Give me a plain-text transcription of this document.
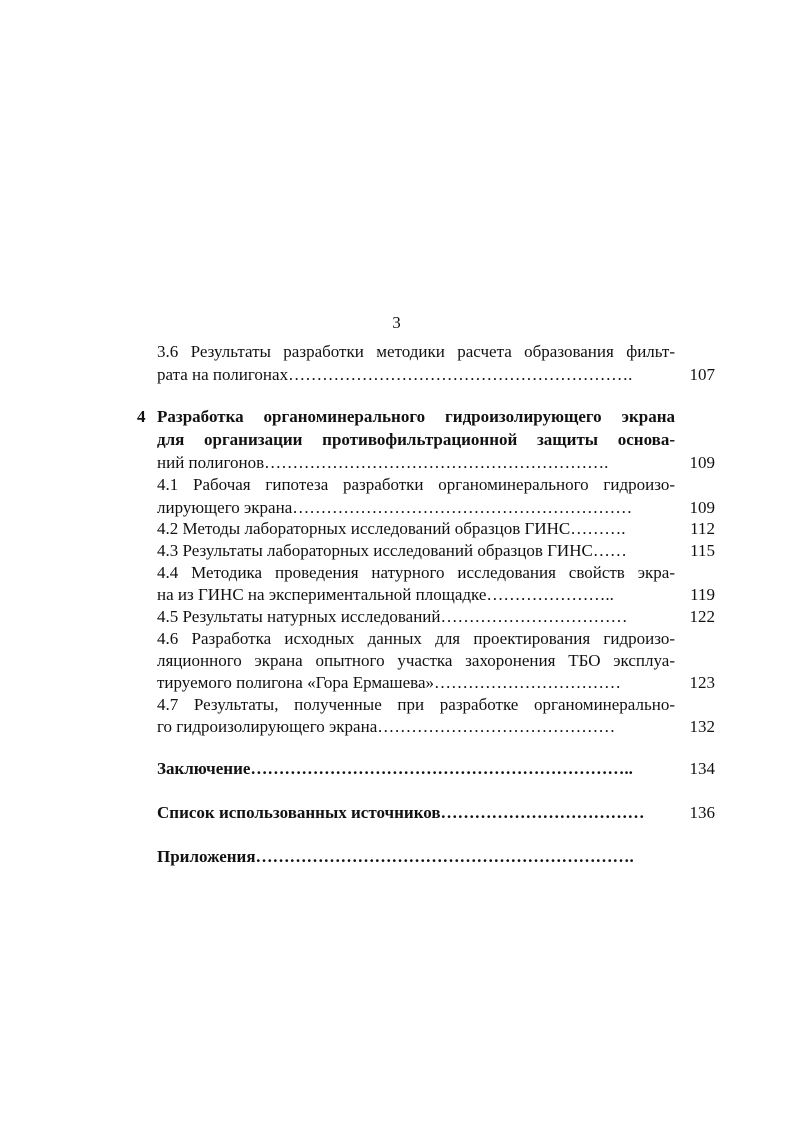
3
3.6 Результаты разработки методики расчета образования фильт-
рата на полигонах…………………………………………………….	107
4 Разработка органоминерального гидроизолирующего экрана
для организации противофильтрационной защиты основа-
ний полигонов…………………………………………………….	109
4.1 Рабочая гипотеза разработки органоминерального гидроизо-
лирующего экрана……………………………………………………	109
4.2 Методы лабораторных исследований образцов ГИНС……….	112
4.3 Результаты лабораторных исследований образцов ГИНС……	115
4.4 Методика проведения натурного исследования свойств экра-
на из ГИНС на экспериментальной площадке…………………..	119
4.5 Результаты натурных исследований……………………………	122
4.6 Разработка исходных данных для проектирования гидроизо-
ляционного экрана опытного участка захоронения ТБО эксплуа-
тируемого полигона «Гора Ермашева»……………………………	123
4.7 Результаты, полученные при разработке органоминерально-
го гидроизолирующего экрана……………………………………	132
Заключение…………………………………………………………..	134
Список использованных источников………………………………	136
Приложения………………………………………………………….
